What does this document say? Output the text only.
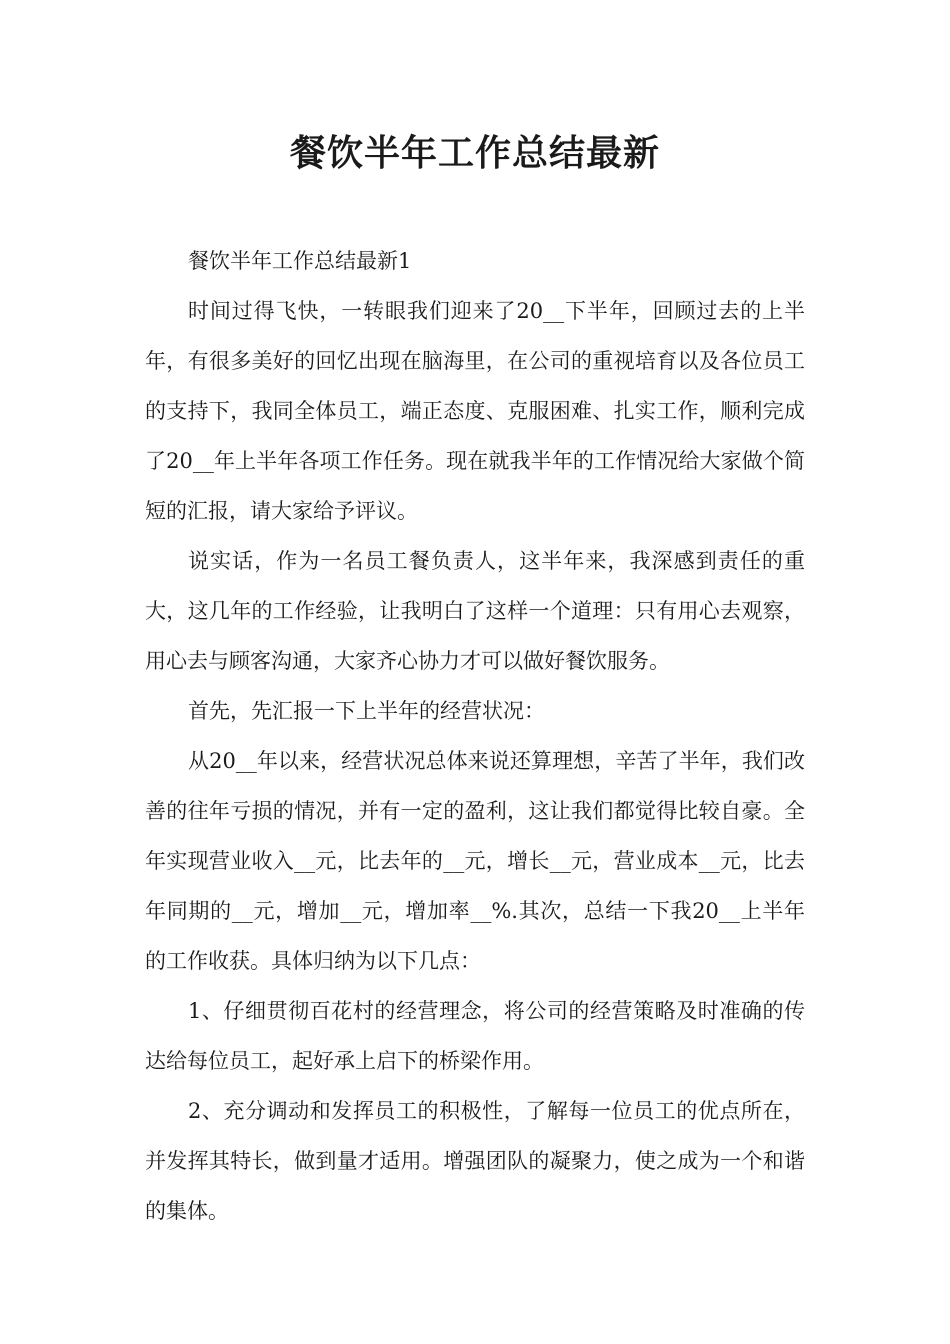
餐饮半年工作总结最新

餐饮半年工作总结最新1

时间过得飞快，一转眼我们迎来了20__下半年，回顾过去的上半年，有很多美好的回忆出现在脑海里，在公司的重视培育以及各位员工的支持下，我同全体员工，端正态度、克服困难、扎实工作，顺利完成了20__年上半年各项工作任务。现在就我半年的工作情况给大家做个简短的汇报，请大家给予评议。

说实话，作为一名员工餐负责人，这半年来，我深感到责任的重大，这几年的工作经验，让我明白了这样一个道理：只有用心去观察，用心去与顾客沟通，大家齐心协力才可以做好餐饮服务。

首先，先汇报一下上半年的经营状况：

从20__年以来，经营状况总体来说还算理想，辛苦了半年，我们改善的往年亏损的情况，并有一定的盈利，这让我们都觉得比较自豪。全年实现营业收入__元，比去年的__元，增长__元，营业成本__元，比去年同期的__元，增加__元，增加率__%.其次，总结一下我20__上半年的工作收获。具体归纳为以下几点：

1、仔细贯彻百花村的经营理念，将公司的经营策略及时准确的传达给每位员工，起好承上启下的桥梁作用。

2、充分调动和发挥员工的积极性，了解每一位员工的优点所在，并发挥其特长，做到量才适用。增强团队的凝聚力，使之成为一个和谐的集体。
